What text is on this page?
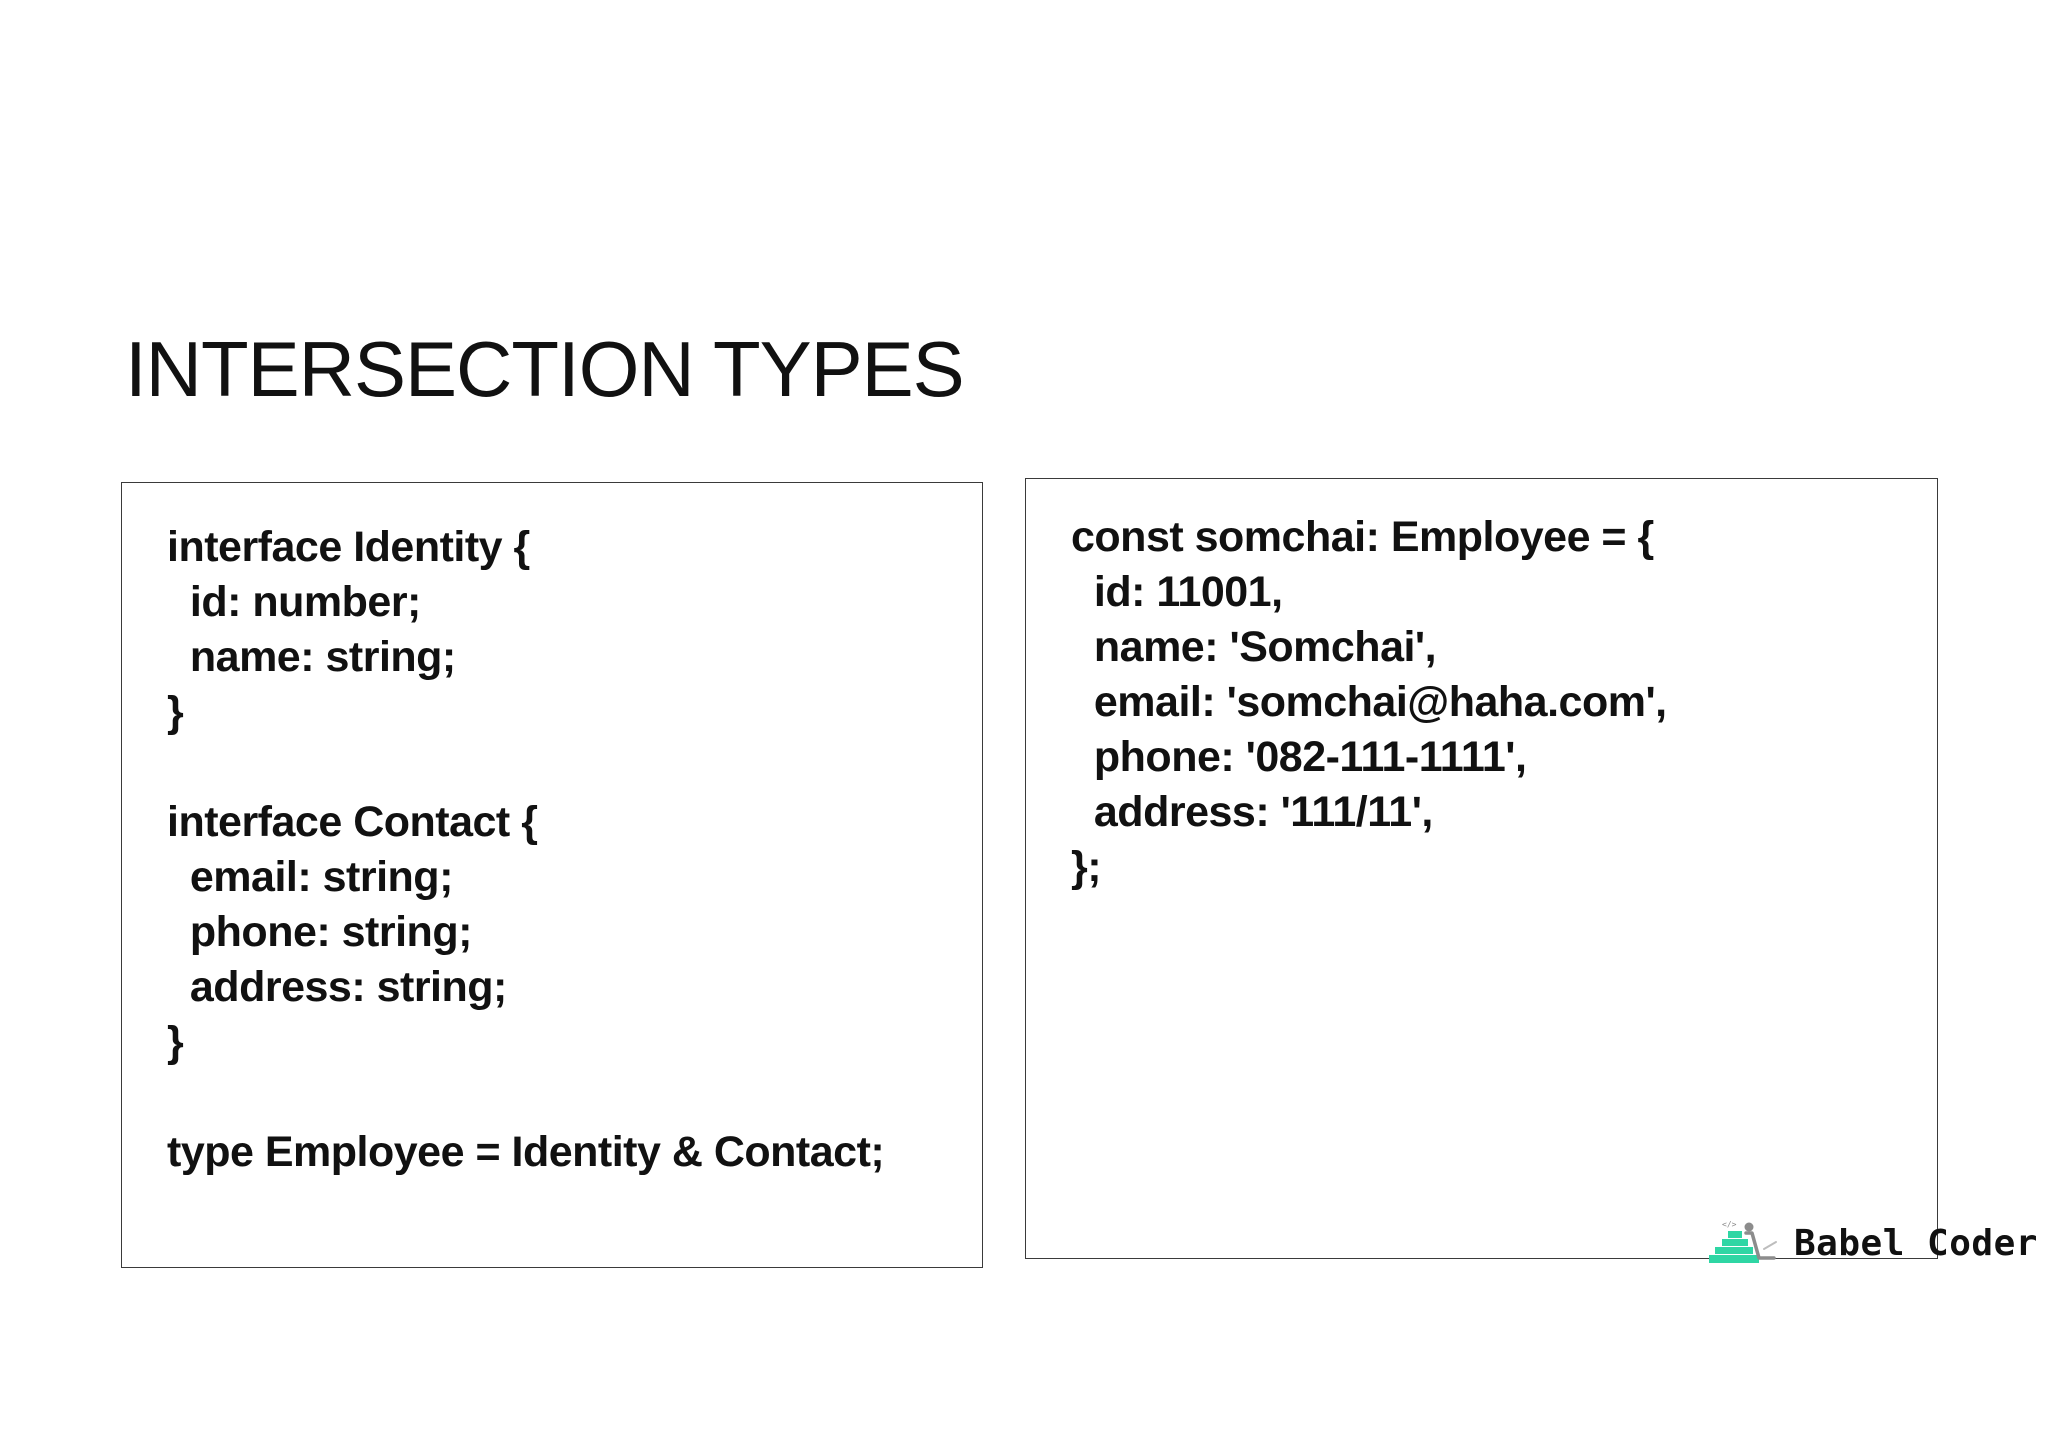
INTERSECTION TYPES
interface Identity {
id: number;
name: string;
}
interface Contact {
email: string;
phone: string;
address: string;
}
type Employee = Identity & Contact;
const somchai: Employee = {
id: 11001,
name: 'Somchai',
email: 'somchai@haha.com',
phone: '082-111-1111',
address: '111/11',
};
</> Babel Coder
